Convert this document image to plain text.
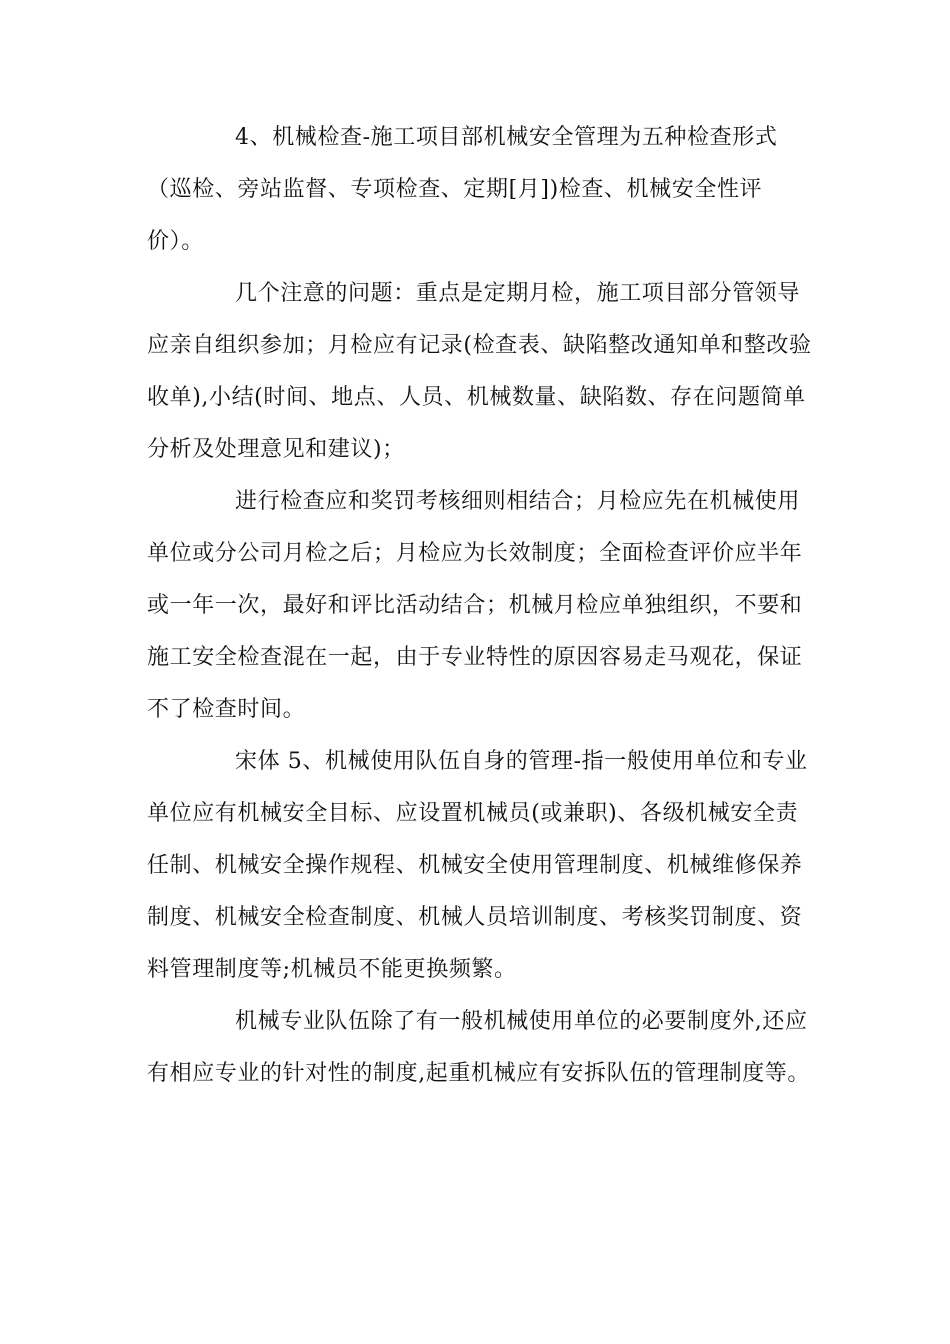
4、机械检查-施工项目部机械安全管理为五种检查形式
（巡检、旁站监督、专项检查、定期[月])检查、机械安全性评
价）。
几个注意的问题：重点是定期月检，施工项目部分管领导
应亲自组织参加；月检应有记录(检查表、缺陷整改通知单和整改验
收单),小结(时间、地点、人员、机械数量、缺陷数、存在问题简单
分析及处理意见和建议)；
进行检查应和奖罚考核细则相结合；月检应先在机械使用
单位或分公司月检之后；月检应为长效制度；全面检查评价应半年
或一年一次，最好和评比活动结合；机械月检应单独组织，不要和
施工安全检查混在一起，由于专业特性的原因容易走马观花，保证
不了检查时间。
宋体 5、机械使用队伍自身的管理-指一般使用单位和专业
单位应有机械安全目标、应设置机械员(或兼职)、各级机械安全责
任制、机械安全操作规程、机械安全使用管理制度、机械维修保养
制度、机械安全检查制度、机械人员培训制度、考核奖罚制度、资
料管理制度等;机械员不能更换频繁。
机械专业队伍除了有一般机械使用单位的必要制度外,还应
有相应专业的针对性的制度,起重机械应有安拆队伍的管理制度等。
